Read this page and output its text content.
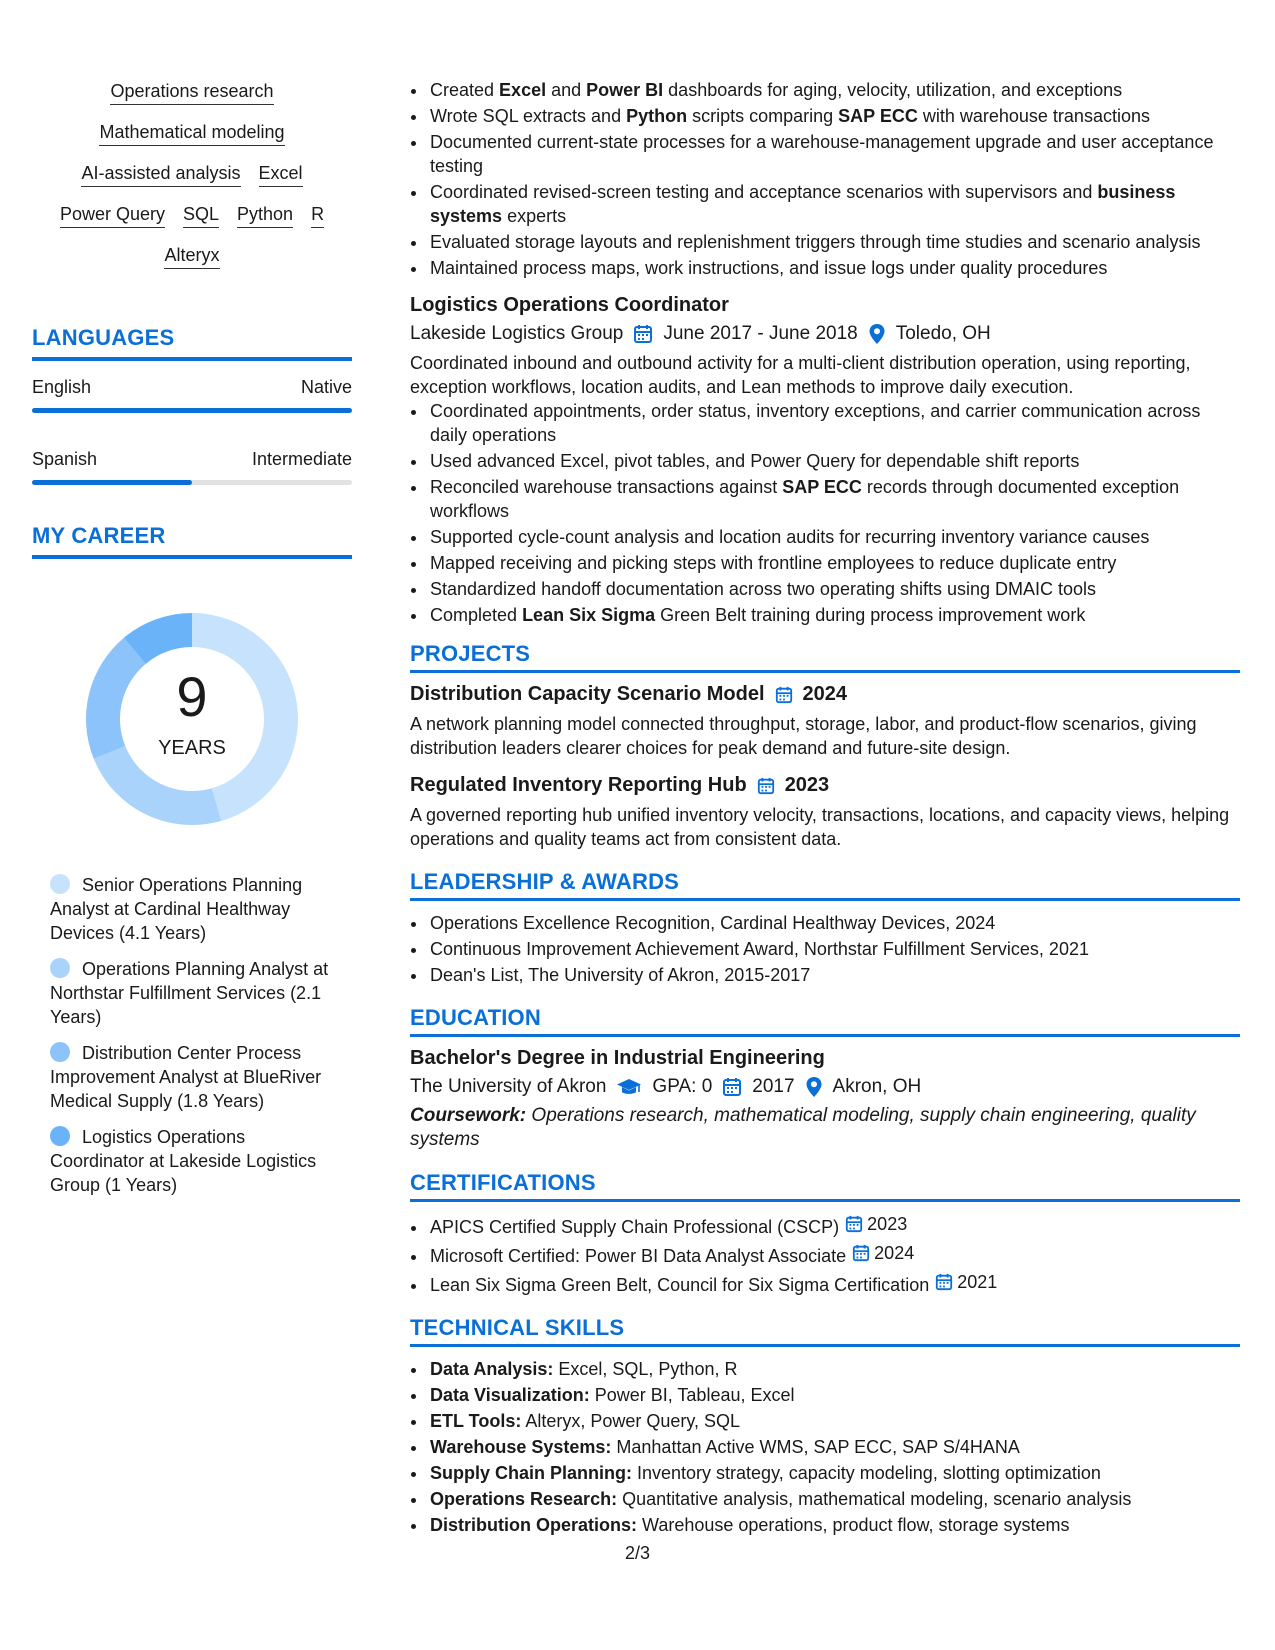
Operations research
Mathematical modeling
AI-assisted analysis Excel
Power Query SQL Python R
Alteryx
LANGUAGES
English	Native
Spanish	Intermediate
MY CAREER
9
YEARS
Senior Operations Planning Analyst at Cardinal Healthway Devices (4.1 Years)
Operations Planning Analyst at Northstar Fulfillment Services (2.1 Years)
Distribution Center Process Improvement Analyst at BlueRiver Medical Supply (1.8 Years)
Logistics Operations Coordinator at Lakeside Logistics Group (1 Years)
• Created Excel and Power BI dashboards for aging, velocity, utilization, and exceptions
• Wrote SQL extracts and Python scripts comparing SAP ECC with warehouse transactions
• Documented current-state processes for a warehouse-management upgrade and user acceptance testing
• Coordinated revised-screen testing and acceptance scenarios with supervisors and business systems experts
• Evaluated storage layouts and replenishment triggers through time studies and scenario analysis
• Maintained process maps, work instructions, and issue logs under quality procedures
Logistics Operations Coordinator
Lakeside Logistics Group June 2017 - June 2018 Toledo, OH
Coordinated inbound and outbound activity for a multi-client distribution operation, using reporting, exception workflows, location audits, and Lean methods to improve daily execution.
• Coordinated appointments, order status, inventory exceptions, and carrier communication across daily operations
• Used advanced Excel, pivot tables, and Power Query for dependable shift reports
• Reconciled warehouse transactions against SAP ECC records through documented exception workflows
• Supported cycle-count analysis and location audits for recurring inventory variance causes
• Mapped receiving and picking steps with frontline employees to reduce duplicate entry
• Standardized handoff documentation across two operating shifts using DMAIC tools
• Completed Lean Six Sigma Green Belt training during process improvement work
PROJECTS
Distribution Capacity Scenario Model 2024
A network planning model connected throughput, storage, labor, and product-flow scenarios, giving distribution leaders clearer choices for peak demand and future-site design.
Regulated Inventory Reporting Hub 2023
A governed reporting hub unified inventory velocity, transactions, locations, and capacity views, helping operations and quality teams act from consistent data.
LEADERSHIP & AWARDS
• Operations Excellence Recognition, Cardinal Healthway Devices, 2024
• Continuous Improvement Achievement Award, Northstar Fulfillment Services, 2021
• Dean's List, The University of Akron, 2015-2017
EDUCATION
Bachelor's Degree in Industrial Engineering
The University of Akron GPA: 0 2017 Akron, OH
Coursework: Operations research, mathematical modeling, supply chain engineering, quality systems
CERTIFICATIONS
• APICS Certified Supply Chain Professional (CSCP) 2023
• Microsoft Certified: Power BI Data Analyst Associate 2024
• Lean Six Sigma Green Belt, Council for Six Sigma Certification 2021
TECHNICAL SKILLS
• Data Analysis: Excel, SQL, Python, R
• Data Visualization: Power BI, Tableau, Excel
• ETL Tools: Alteryx, Power Query, SQL
• Warehouse Systems: Manhattan Active WMS, SAP ECC, SAP S/4HANA
• Supply Chain Planning: Inventory strategy, capacity modeling, slotting optimization
• Operations Research: Quantitative analysis, mathematical modeling, scenario analysis
• Distribution Operations: Warehouse operations, product flow, storage systems
2/3
